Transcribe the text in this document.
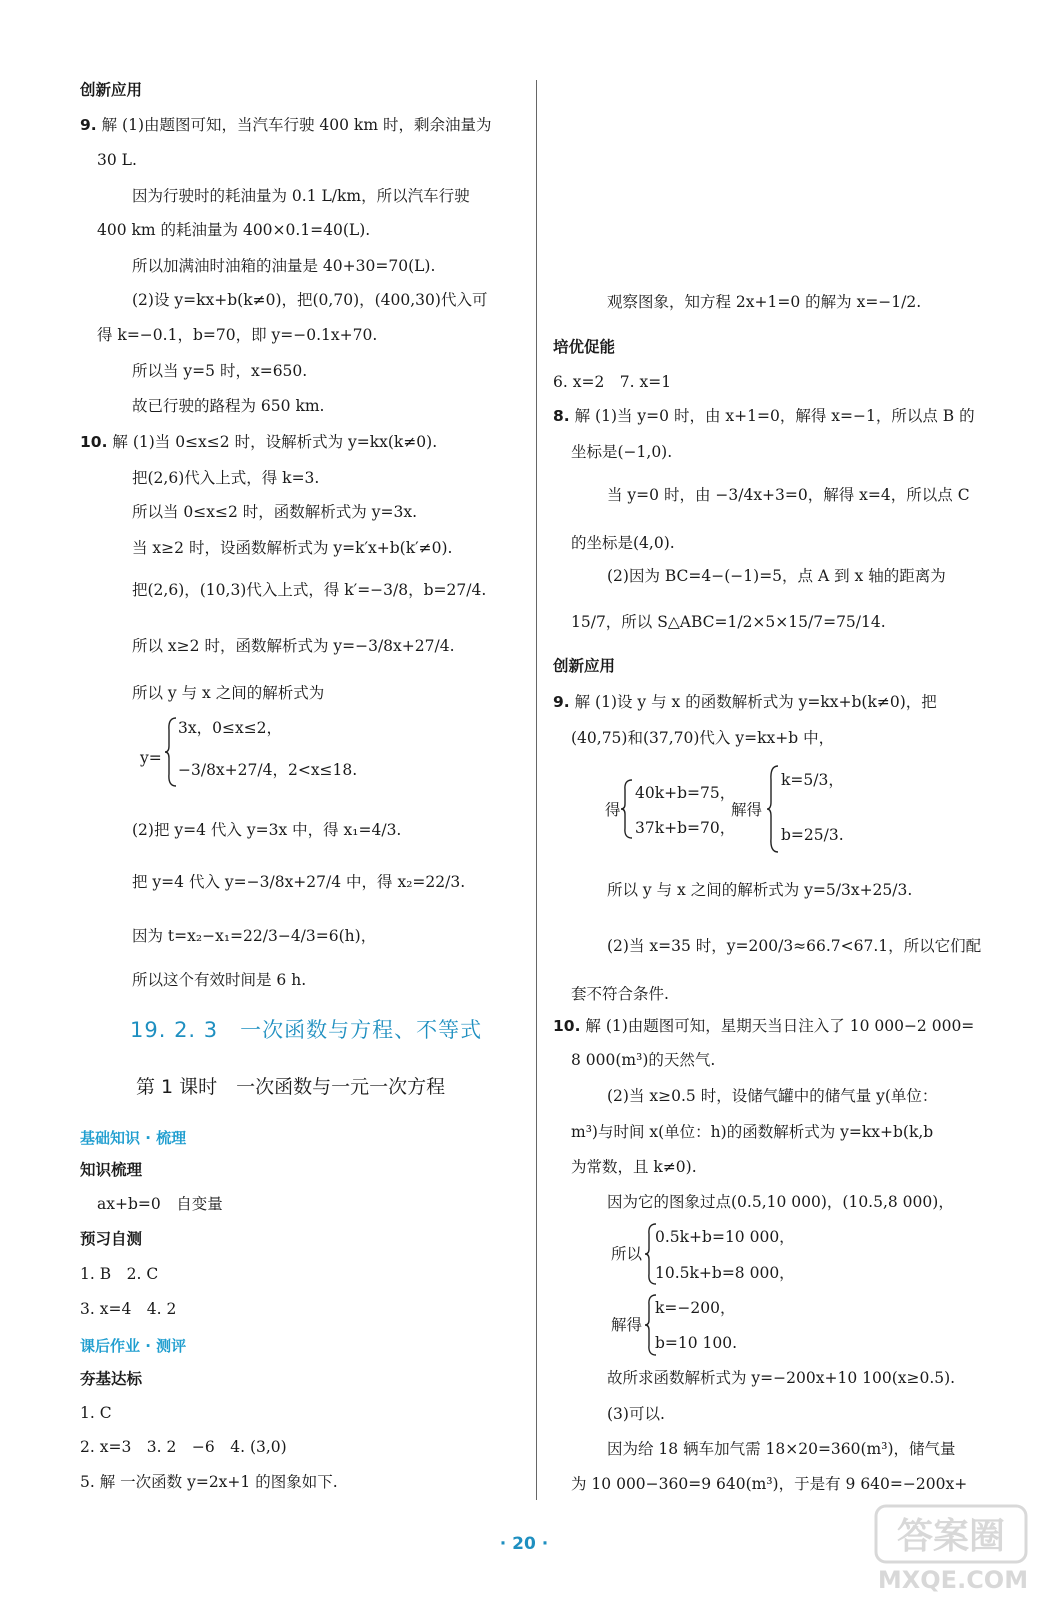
创新应用
9. 解 (1)由题图可知，当汽车行驶 400 km 时，剩余油量为
30 L.
因为行驶时的耗油量为 0.1 L/km，所以汽车行驶
400 km 的耗油量为 400×0.1=40(L).
所以加满油时油箱的油量是 40+30=70(L).
(2)设 y=kx+b(k≠0)，把(0,70)，(400,30)代入可
得 k=−0.1，b=70，即 y=−0.1x+70.
所以当 y=5 时，x=650.
故已行驶的路程为 650 km.
10. 解 (1)当 0≤x≤2 时，设解析式为 y=kx(k≠0).
把(2,6)代入上式，得 k=3.
所以当 0≤x≤2 时，函数解析式为 y=3x.
当 x≥2 时，设函数解析式为 y=k′x+b(k′≠0).
把(2,6)，(10,3)代入上式，得 k′=−3/8，b=27/4.
所以 x≥2 时，函数解析式为 y=−3/8x+27/4.
所以 y 与 x 之间的解析式为
3x，0≤x≤2，
y=
−3/8x+27/4，2<x≤18.
(2)把 y=4 代入 y=3x 中，得 x₁=4/3.
把 y=4 代入 y=−3/8x+27/4 中，得 x₂=22/3.
因为 t=x₂−x₁=22/3−4/3=6(h)，
所以这个有效时间是 6 h.
基础知识 · 梳理
知识梳理
ax+b=0　自变量
预习自测
1. B　2. C
3. x=4　4. 2
课后作业 · 测评
夯基达标
1. C
2. x=3　3. 2　−6　4. (3,0)
5. 解 一次函数 y=2x+1 的图象如下.
观察图象，知方程 2x+1=0 的解为 x=−1/2.
培优促能
6. x=2　7. x=1
8. 解 (1)当 y=0 时，由 x+1=0，解得 x=−1，所以点 B 的
坐标是(−1,0).
当 y=0 时，由 −3/4x+3=0，解得 x=4，所以点 C
的坐标是(4,0).
(2)因为 BC=4−(−1)=5，点 A 到 x 轴的距离为
15/7，所以 S△ABC=1/2×5×15/7=75/14.
创新应用
9. 解 (1)设 y 与 x 的函数解析式为 y=kx+b(k≠0)，把
(40,75)和(37,70)代入 y=kx+b 中，
40k+b=75，
得	解得
k=5/3，
37k+b=70，	b=25/3.
所以 y 与 x 之间的解析式为 y=5/3x+25/3.
(2)当 x=35 时，y=200/3≈66.7<67.1，所以它们配
套不符合条件.
10. 解 (1)由题图可知，星期天当日注入了 10 000−2 000=
8 000(m³)的天然气.
(2)当 x≥0.5 时，设储气罐中的储气量 y(单位：
m³)与时间 x(单位：h)的函数解析式为 y=kx+b(k,b
为常数，且 k≠0).
因为它的图象过点(0.5,10 000)，(10.5,8 000)，
0.5k+b=10 000，
所以
10.5k+b=8 000，
k=−200，
解得
b=10 100.
故所求函数解析式为 y=−200x+10 100(x≥0.5).
(3)可以.
因为给 18 辆车加气需 18×20=360(m³)，储气量
为 10 000−360=9 640(m³)，于是有 9 640=−200x+
19. 2. 3　一次函数与方程、不等式
第 1 课时　一次函数与一元一次方程
y=2x+1
x
y
O
−2 −1	1 2
4
3
2
1
−1
−2
· 20 ·	答案圈
MXQE.COM
